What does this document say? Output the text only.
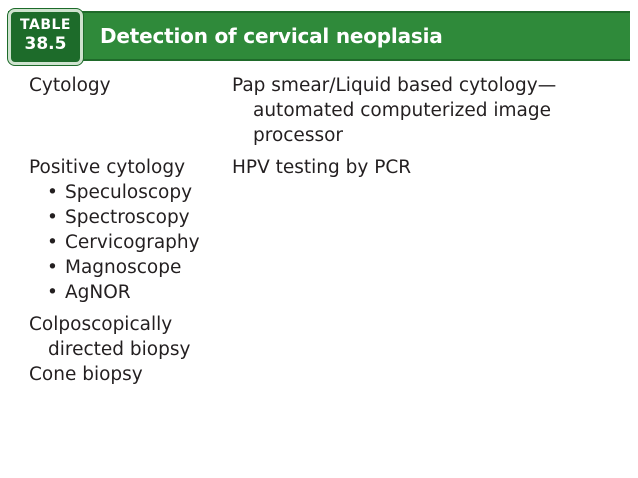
TABLE
38.5	Detection of cervical neoplasia
Cytology	Pap smear/Liquid based cytology— automated computerized image processor
Positive cytology	HPV testing by PCR
• Speculoscopy
• Spectroscopy
• Cervicography
• Magnoscope
• AgNOR
Colposcopically directed biopsy
Cone biopsy
